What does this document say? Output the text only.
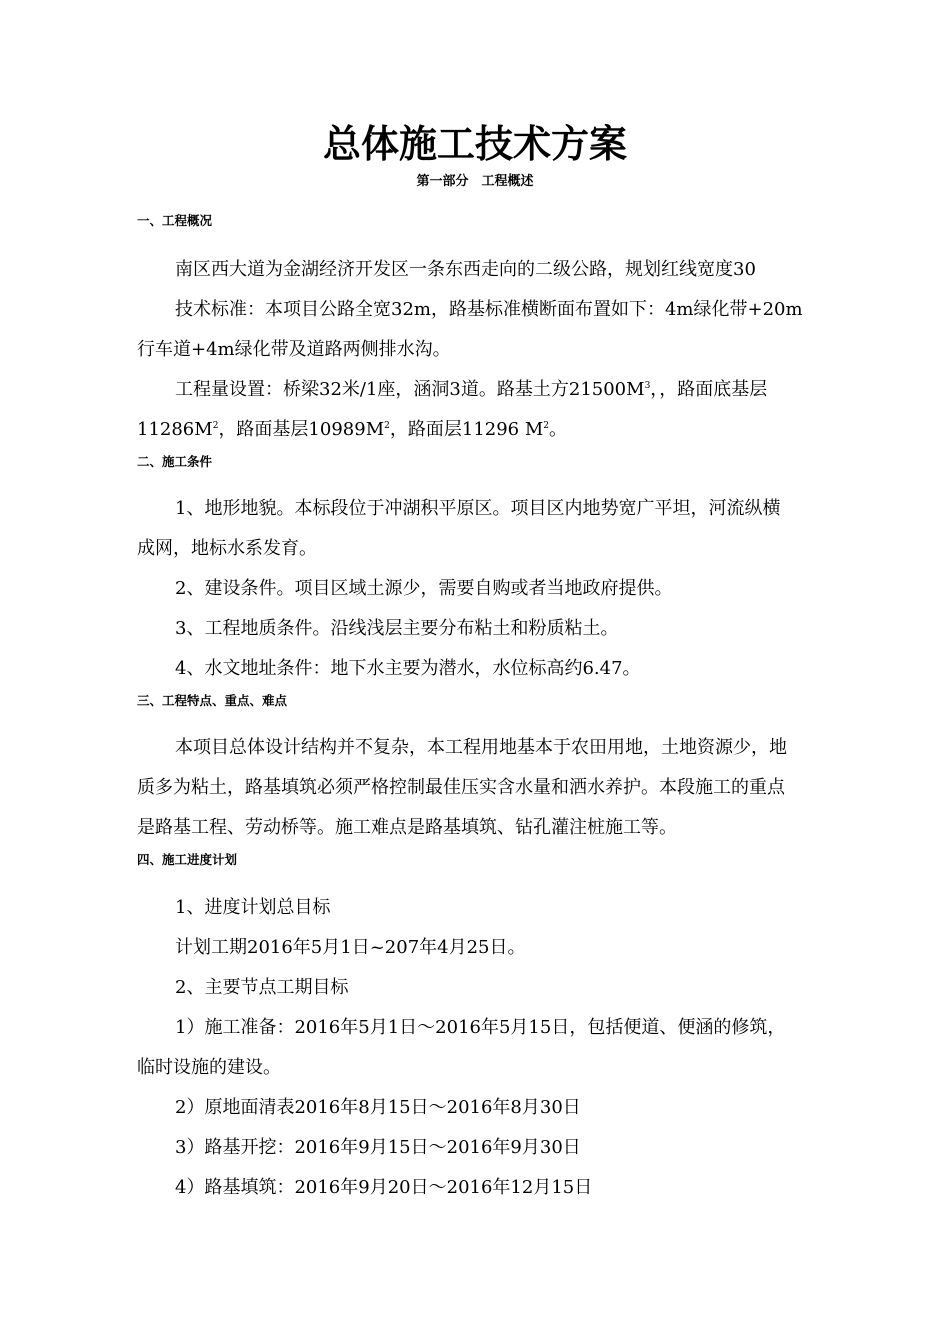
总体施工技术方案
第一部分　工程概述
一、工程概况
南区西大道为金湖经济开发区一条东西走向的二级公路，规划红线宽度30
技术标准：本项目公路全宽32m，路基标准横断面布置如下：4m绿化带+20m
行车道+4m绿化带及道路两侧排水沟。
工程量设置：桥梁32米/1座，涵洞3道。路基土方$21500M^3$，，路面底基层
$11286M^2$，路面基层$10989M^2$，路面层11296 $M^2$。
二、施工条件
1、地形地貌。本标段位于冲湖积平原区。项目区内地势宽广平坦，河流纵横
成网，地标水系发育。
2、建设条件。项目区域土源少，需要自购或者当地政府提供。
3、工程地质条件。沿线浅层主要分布粘土和粉质粘土。
4、水文地址条件：地下水主要为潜水，水位标高约6.47。
三、工程特点、重点、难点
本项目总体设计结构并不复杂，本工程用地基本于农田用地，土地资源少，地
质多为粘土，路基填筑必须严格控制最佳压实含水量和洒水养护。本段施工的重点
是路基工程、劳动桥等。施工难点是路基填筑、钻孔灌注桩施工等。
四、施工进度计划
1、进度计划总目标
计划工期2016年5月1日~207年4月25日。
2、主要节点工期目标
1）施工准备：2016年5月1日～2016年5月15日，包括便道、便涵的修筑，
临时设施的建设。
2）原地面清表2016年8月15日～2016年8月30日
3）路基开挖：2016年9月15日～2016年9月30日
4）路基填筑：2016年9月20日～2016年12月15日
